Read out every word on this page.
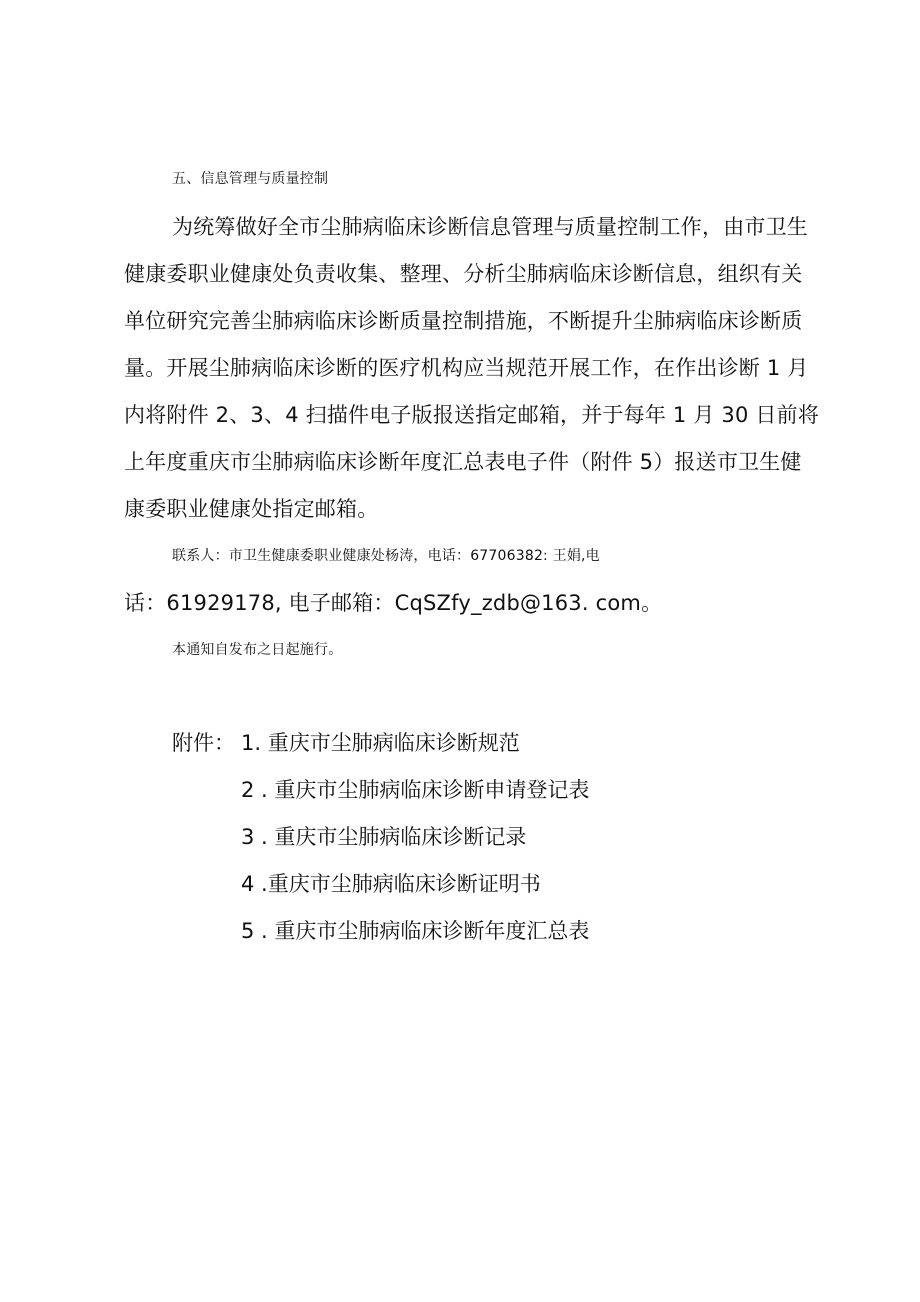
五、信息管理与质量控制
为统筹做好全市尘肺病临床诊断信息管理与质量控制工作，由市卫生
健康委职业健康处负责收集、整理、分析尘肺病临床诊断信息，组织有关
单位研究完善尘肺病临床诊断质量控制措施，不断提升尘肺病临床诊断质
量。开展尘肺病临床诊断的医疗机构应当规范开展工作，在作出诊断 1 月
内将附件 2、3、4 扫描件电子版报送指定邮箱，并于每年 1 月 30 日前将
上年度重庆市尘肺病临床诊断年度汇总表电子件（附件 5）报送市卫生健
康委职业健康处指定邮箱。
联系人：市卫生健康委职业健康处杨涛，电话：67706382: 王娟,电
话：61929178, 电子邮箱：CqSZfy_zdb@163. com。
本通知自发布之日起施行。
附件： 1. 重庆市尘肺病临床诊断规范
2 . 重庆市尘肺病临床诊断申请登记表
3 . 重庆市尘肺病临床诊断记录
4 .重庆市尘肺病临床诊断证明书
5 . 重庆市尘肺病临床诊断年度汇总表
